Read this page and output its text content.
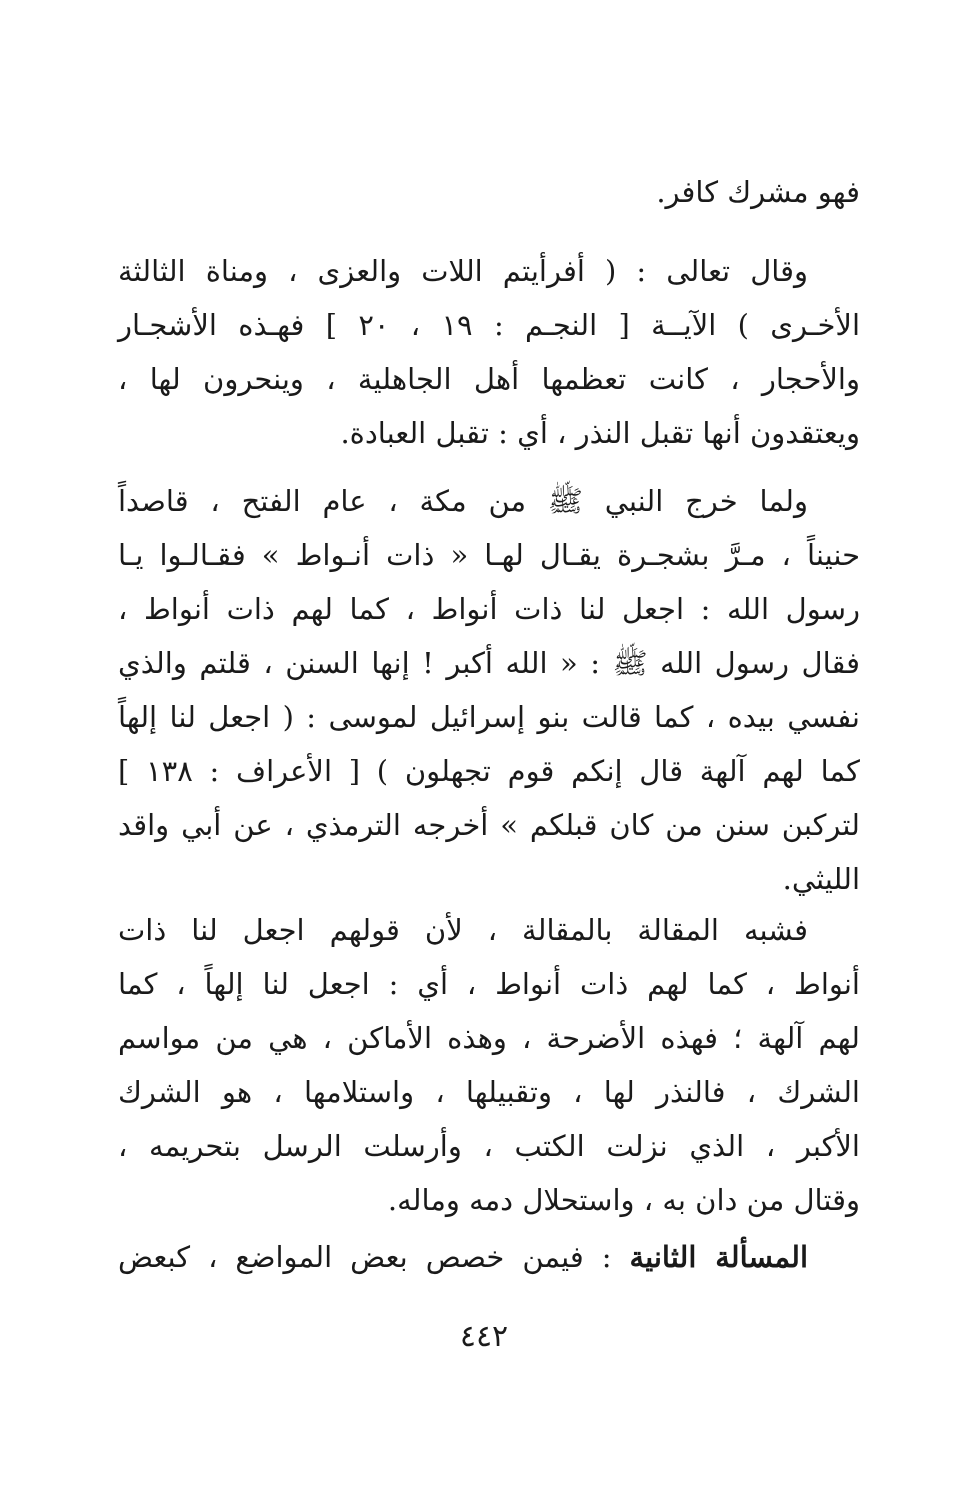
فهو مشرك كافر.
وقال تعالى : ( أفرأيتم اللات والعزى ، ومناة الثالثة
الأخـرى ) الآيــة [ النجـم : ١٩ ، ٢٠ ] فهـذه الأشجـار
والأحجار ، كانت تعظمها أهل الجاهلية ، وينحرون لها ،
ويعتقدون أنها تقبل النذر ، أي : تقبل العبادة.
ولما خرج النبي ﷺ من مكة ، عام الفتح ، قاصداً
حنيناً ، مـرَّ بشجـرة يقـال لهـا « ذات أنـواط » فقـالـوا يـا
رسول الله : اجعل لنا ذات أنواط ، كما لهم ذات أنواط ،
فقال رسول الله ﷺ : « الله أكبر ! إنها السنن ، قلتم والذي
نفسي بيده ، كما قالت بنو إسرائيل لموسى : ( اجعل لنا إلهاً
كما لهم آلهة قال إنكم قوم تجهلون ) [ الأعراف : ١٣٨ ]
لتركبن سنن من كان قبلكم » أخرجه الترمذي ، عن أبي واقد
الليثي.
فشبه المقالة بالمقالة ، لأن قولهم اجعل لنا ذات
أنواط ، كما لهم ذات أنواط ، أي : اجعل لنا إلهاً ، كما
لهم آلهة ؛ فهذه الأضرحة ، وهذه الأماكن ، هي من مواسم
الشرك ، فالنذر لها ، وتقبيلها ، واستلامها ، هو الشرك
الأكبر ، الذي نزلت الكتب ، وأرسلت الرسل بتحريمه ،
وقتال من دان به ، واستحلال دمه وماله.
المسألة الثانية : فيمن خصص بعض المواضع ، كبعض
٤٤٢
